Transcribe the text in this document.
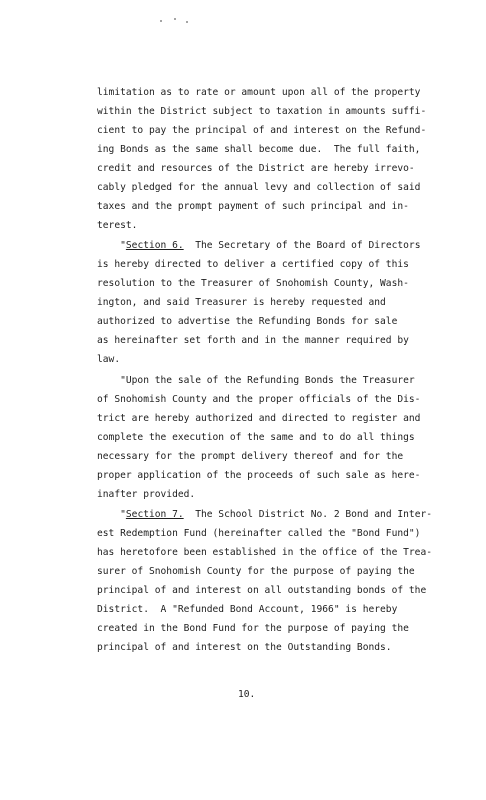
limitation as to rate or amount upon all of the property
within the District subject to taxation in amounts suffi-
cient to pay the principal of and interest on the Refund-
ing Bonds as the same shall become due.  The full faith,
credit and resources of the District are hereby irrevo-
cably pledged for the annual levy and collection of said
taxes and the prompt payment of such principal and in-
terest.
"Section 6.  The Secretary of the Board of Directors
is hereby directed to deliver a certified copy of this
resolution to the Treasurer of Snohomish County, Wash-
ington, and said Treasurer is hereby requested and
authorized to advertise the Refunding Bonds for sale
as hereinafter set forth and in the manner required by
law.
"Upon the sale of the Refunding Bonds the Treasurer
of Snohomish County and the proper officials of the Dis-
trict are hereby authorized and directed to register and
complete the execution of the same and to do all things
necessary for the prompt delivery thereof and for the
proper application of the proceeds of such sale as here-
inafter provided.
"Section 7.  The School District No. 2 Bond and Inter-
est Redemption Fund (hereinafter called the "Bond Fund")
has heretofore been established in the office of the Trea-
surer of Snohomish County for the purpose of paying the
principal of and interest on all outstanding bonds of the
District.  A "Refunded Bond Account, 1966" is hereby
created in the Bond Fund for the purpose of paying the
principal of and interest on the Outstanding Bonds.
10.
